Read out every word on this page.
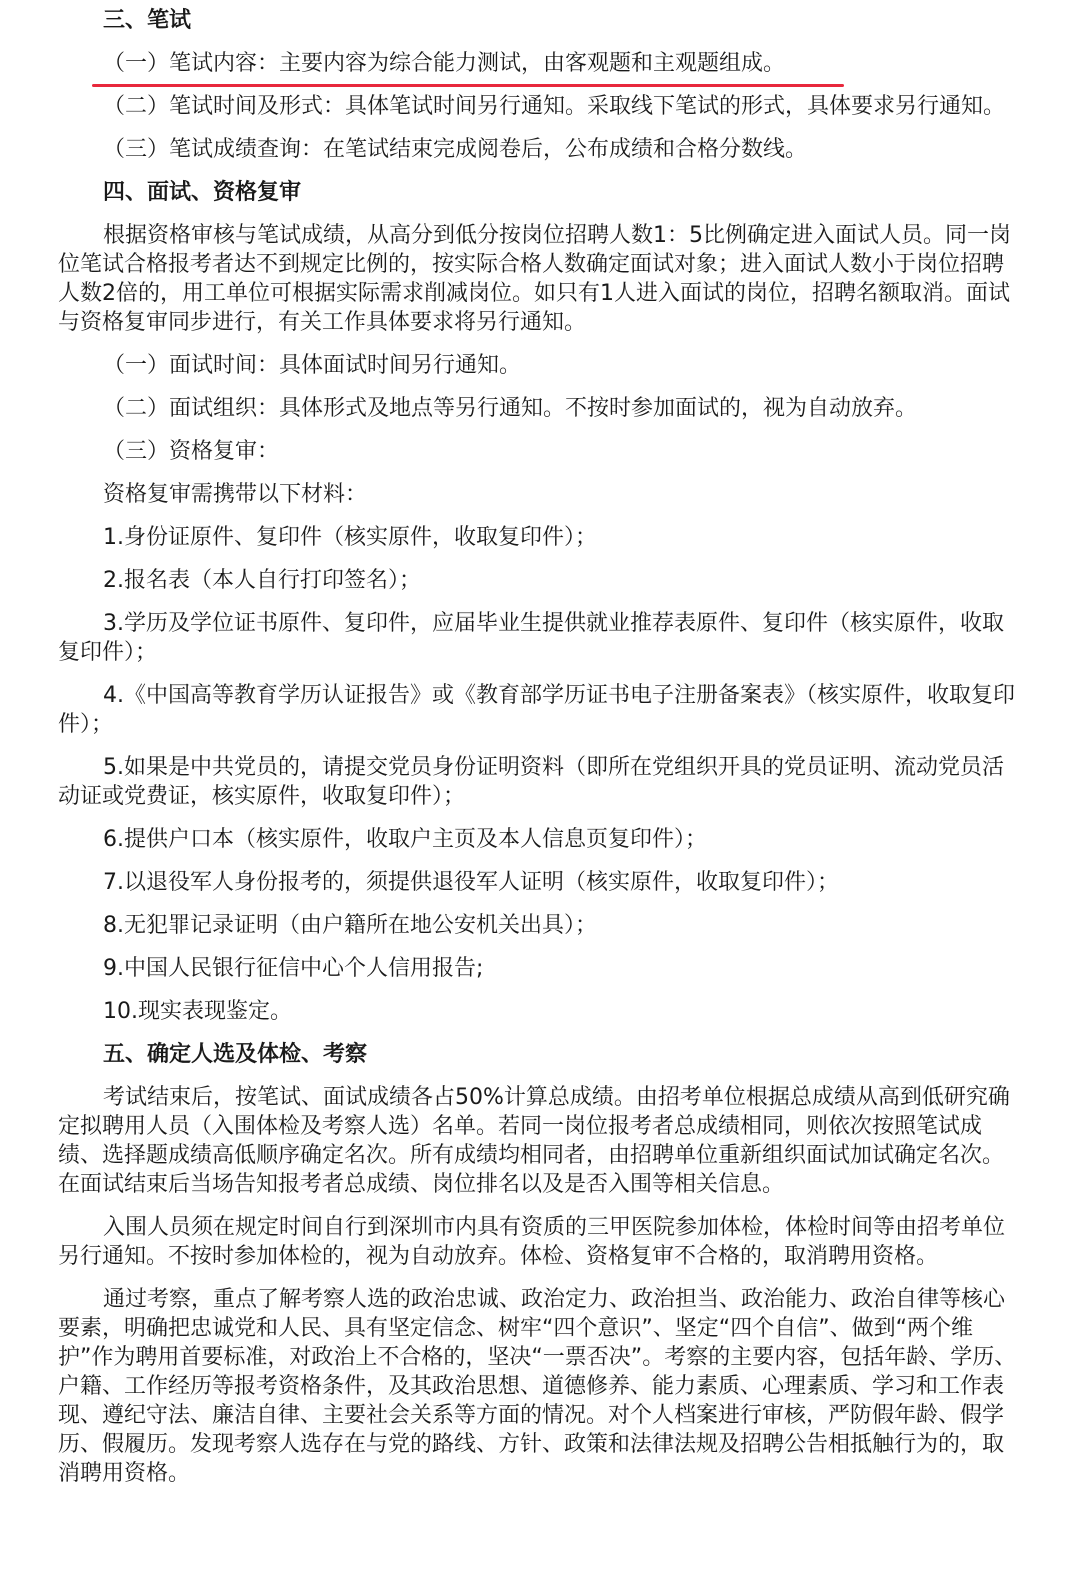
三、笔试
（一）笔试内容：主要内容为综合能力测试，由客观题和主观题组成。
（二）笔试时间及形式：具体笔试时间另行通知。采取线下笔试的形式，具体要求另行通知。
（三）笔试成绩查询：在笔试结束完成阅卷后，公布成绩和合格分数线。
四、面试、资格复审
根据资格审核与笔试成绩，从高分到低分按岗位招聘人数1：5比例确定进入面试人员。同一岗位笔试合格报考者达不到规定比例的，按实际合格人数确定面试对象；进入面试人数小于岗位招聘人数2倍的，用工单位可根据实际需求削减岗位。如只有1人进入面试的岗位，招聘名额取消。面试与资格复审同步进行，有关工作具体要求将另行通知。
（一）面试时间：具体面试时间另行通知。
（二）面试组织：具体形式及地点等另行通知。不按时参加面试的，视为自动放弃。
（三）资格复审：
资格复审需携带以下材料：
1.身份证原件、复印件（核实原件，收取复印件）；
2.报名表（本人自行打印签名）；
3.学历及学位证书原件、复印件，应届毕业生提供就业推荐表原件、复印件（核实原件，收取复印件）；
4.《中国高等教育学历认证报告》或《教育部学历证书电子注册备案表》（核实原件，收取复印件）；
5.如果是中共党员的，请提交党员身份证明资料（即所在党组织开具的党员证明、流动党员活动证或党费证，核实原件，收取复印件）；
6.提供户口本（核实原件，收取户主页及本人信息页复印件）；
7.以退役军人身份报考的，须提供退役军人证明（核实原件，收取复印件）；
8.无犯罪记录证明（由户籍所在地公安机关出具）；
9.中国人民银行征信中心个人信用报告;
10.现实表现鉴定。
五、确定人选及体检、考察
考试结束后，按笔试、面试成绩各占50%计算总成绩。由招考单位根据总成绩从高到低研究确定拟聘用人员（入围体检及考察人选）名单。若同一岗位报考者总成绩相同，则依次按照笔试成绩、选择题成绩高低顺序确定名次。所有成绩均相同者，由招聘单位重新组织面试加试确定名次。在面试结束后当场告知报考者总成绩、岗位排名以及是否入围等相关信息。
入围人员须在规定时间自行到深圳市内具有资质的三甲医院参加体检，体检时间等由招考单位另行通知。不按时参加体检的，视为自动放弃。体检、资格复审不合格的，取消聘用资格。
通过考察，重点了解考察人选的政治忠诚、政治定力、政治担当、政治能力、政治自律等核心要素，明确把忠诚党和人民、具有坚定信念、树牢“四个意识”、坚定“四个自信”、做到“两个维护”作为聘用首要标准，对政治上不合格的，坚决“一票否决”。考察的主要内容，包括年龄、学历、户籍、工作经历等报考资格条件，及其政治思想、道德修养、能力素质、心理素质、学习和工作表现、遵纪守法、廉洁自律、主要社会关系等方面的情况。对个人档案进行审核，严防假年龄、假学历、假履历。发现考察人选存在与党的路线、方针、政策和法律法规及招聘公告相抵触行为的，取消聘用资格。
